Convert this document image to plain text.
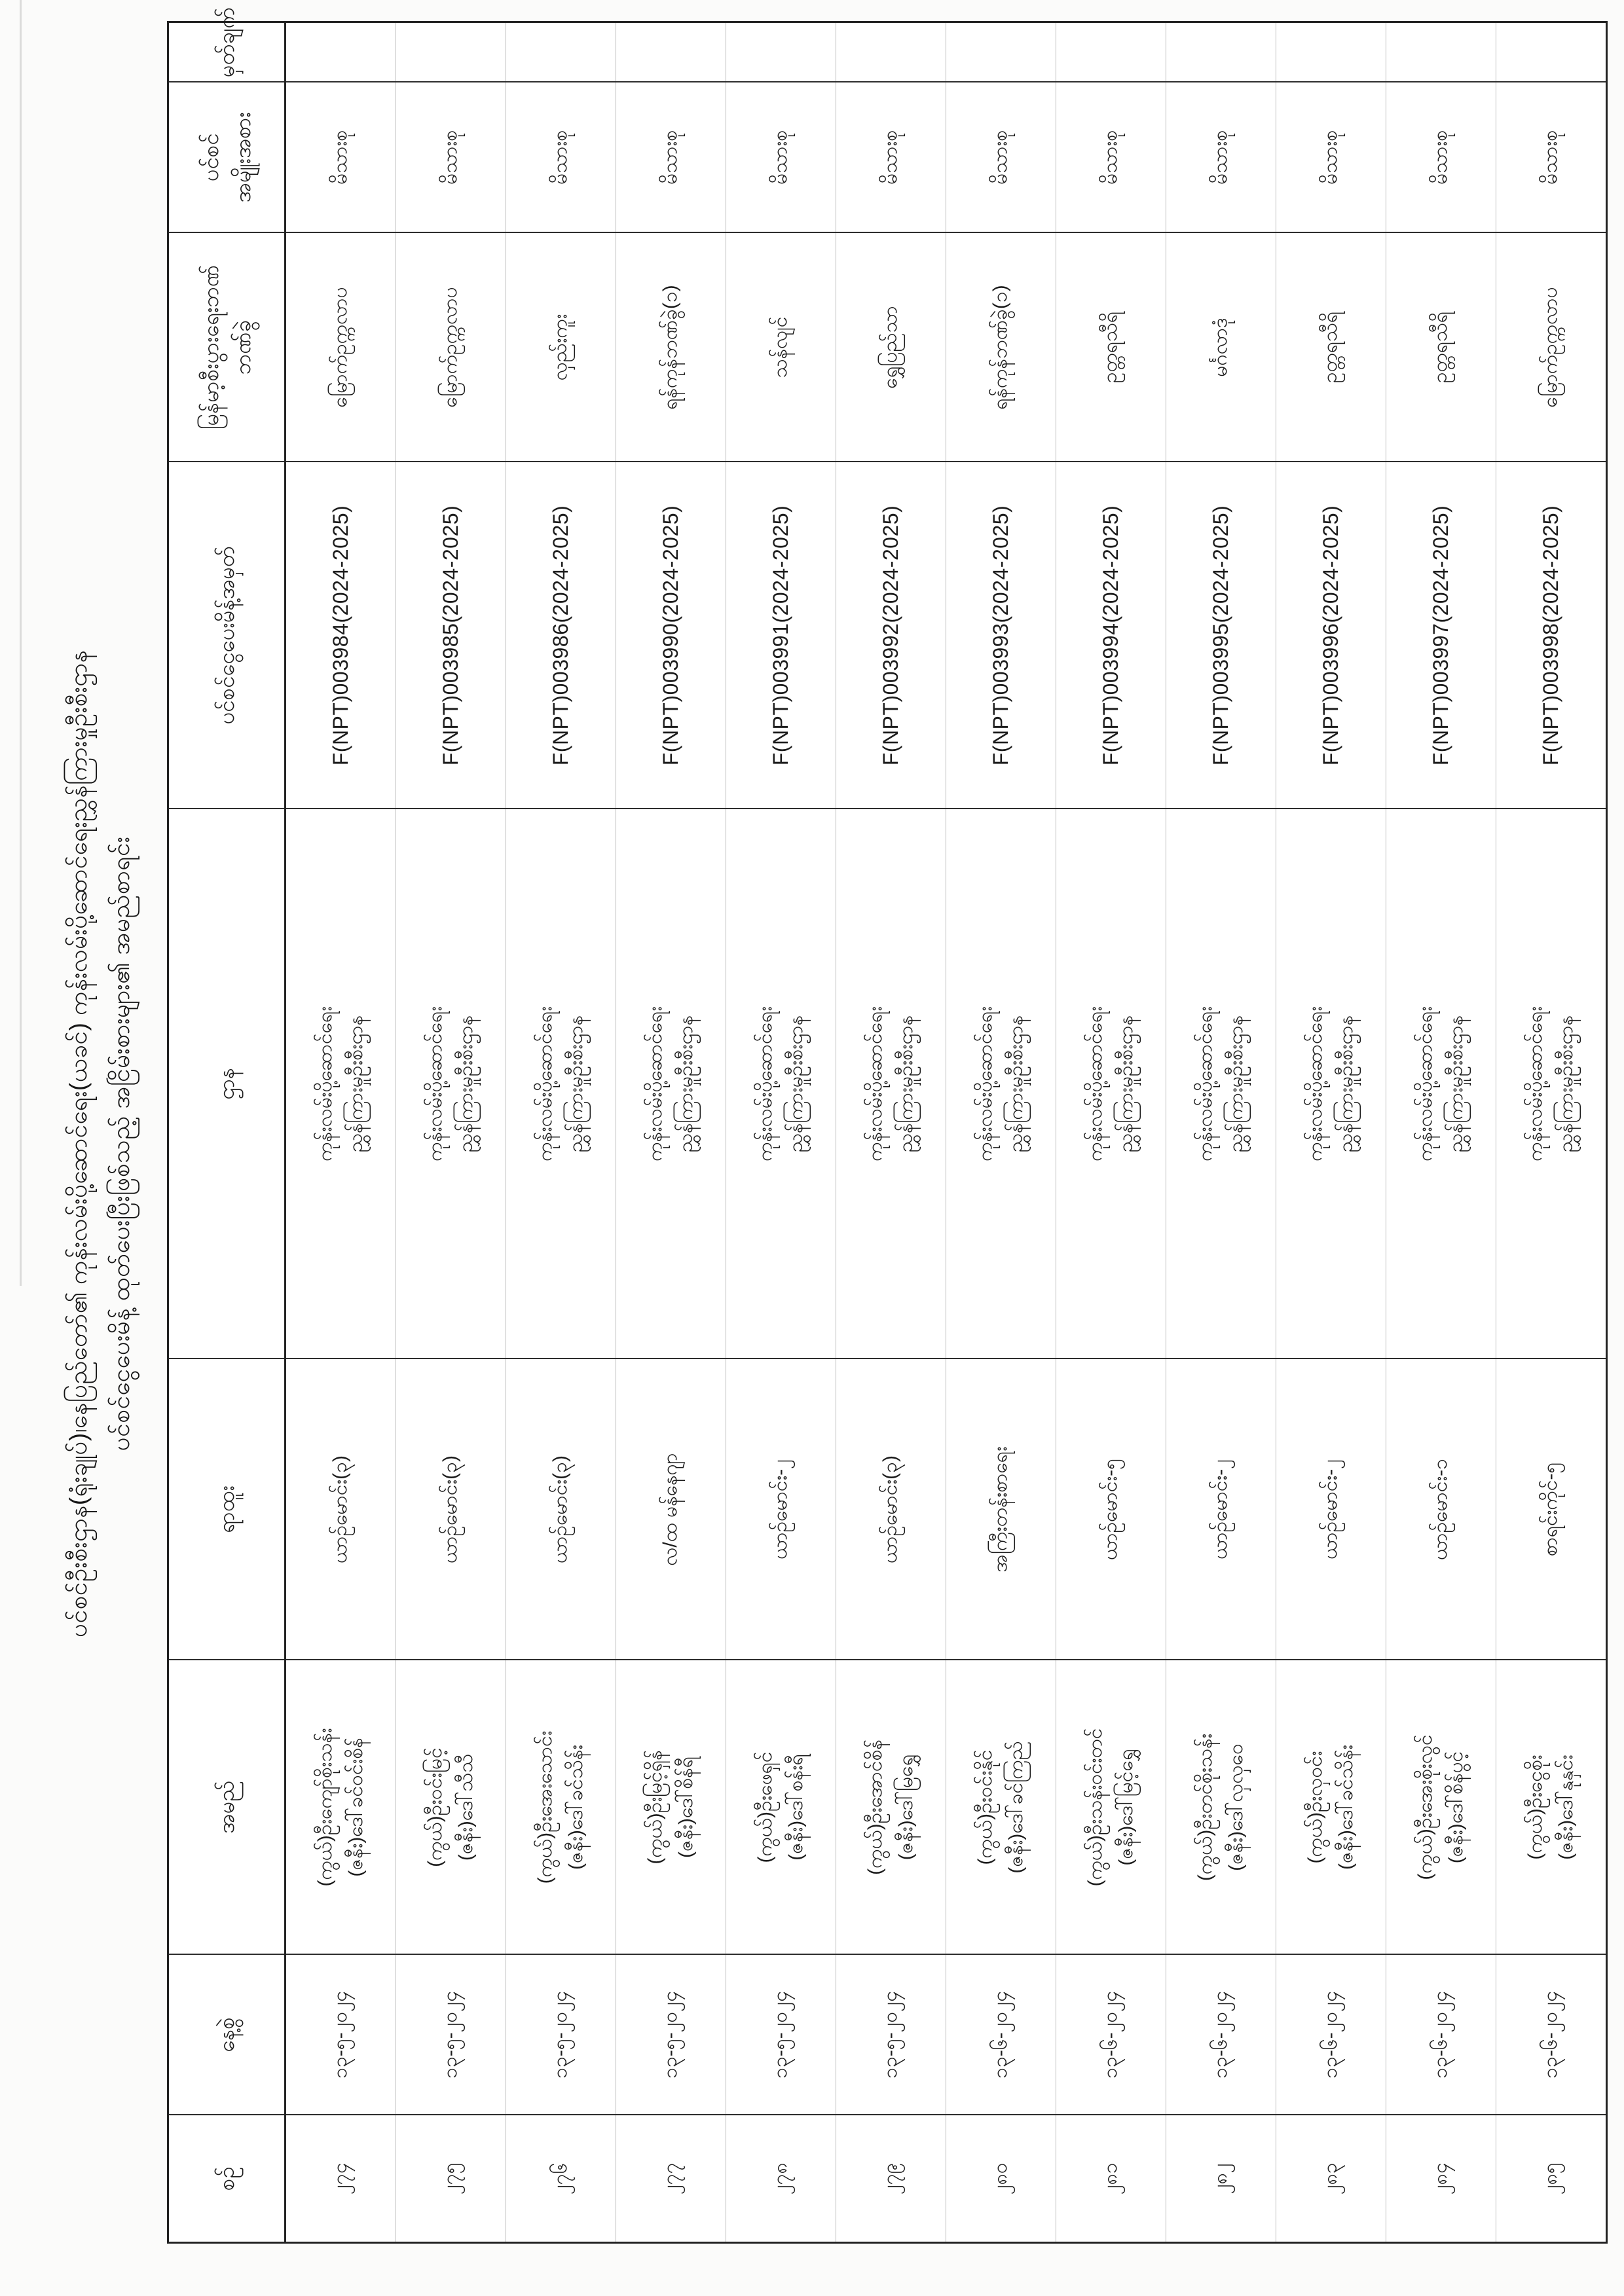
ပင်စင်ဦးစီးဌာန(ရုံးချုပ်)၊နေပြည်တော်၏ ကုန်းလမ်းပို့ဆောင်ရေး(ယခင်) ကုန်းလမ်းပို့ဆောင်ရေးညွှန်ကြားမှုဦးစီးဌာန ပင်စင်ငွေပေးမိန့် ထုတ်ပေးပြီးဖြစ်သည့် အငြိမ်းစားများ၏ အမည်စာရင်း
စဉ်	နေ့စွဲ	အမည်	ရာထူး	ဌာန	ပင်စင်ငွေပေးမိန့်အမှတ်	မြန်မာ့စီးပွားရေးဘဏ် ဘဏ်ခွဲ	ပင်စင် အမျိုးအစား	မှတ်ချက်
၂၇၄	၁၃-၅-၂၀၂၄	(ကွယ်)ဦးကျော်စိုးသန်း (ဇနီး)ဒေါ်ခင်ဝင်းစိန်	ယာဉ်မောင်း(၃)	ကုန်းလမ်းပို့ဆောင်ရေး ညွှန်ကြားမှုဦးစီးဌာန	F(NPT)003984(2024-2025)	မြောက်ဥက္ကလာပ	မိသားစု	
၂၇၅	၁၃-၅-၂၀၂၄	(ကွယ်)ဦးဝင်းမြင့် (ဇနီး)ဒေါ်သီသီ	ယာဉ်မောင်း(၃)	ကုန်းလမ်းပို့ဆောင်ရေး ညွှန်ကြားမှုဦးစီးဌာန	F(NPT)003985(2024-2025)	မြောက်ဥက္ကလာပ	မိသားစု	
၂၇၆	၁၃-၅-၂၀၂၄	(ကွယ်)ဦးအေးသောင်း (ဇနီး)ဒေါ်ခင်သိန်း	ယာဉ်မောင်း(၃)	ကုန်းလမ်းပို့ဆောင်ရေး ညွှန်ကြားမှုဦးစီးဌာန	F(NPT)003986(2024-2025)	လှည်းကူး	မိသားစု	
၂၇၇	၁၃-၅-၂၀၂၄	(ကွယ်)ဦးမြင့်ရှိန် (ဇနီး)ဒေါ်စိန်ရီ	လ/ထ မန်နေဂျာ	ကုန်းလမ်းပို့ဆောင်ရေး ညွှန်ကြားမှုဦးစီးဌာန	F(NPT)003990(2024-2025)	ရန်ကုန်ဘဏ်ခွဲ(၁)	မိသားစု	
၂၇၈	၁၃-၅-၂၀၂၄	(ကွယ်)ဦးဖေရှင် (ဇနီး)ဒေါ်စန်းရီ	ယာဉ်မောင်း-၂	ကုန်းလမ်းပို့ဆောင်ရေး ညွှန်ကြားမှုဦးစီးဌာန	F(NPT)003991(2024-2025)	သန်လျင်	မိသားစု	
၂၇၉	၁၃-၅-၂၀၂၄	(ကွယ်)ဦးအောင်စိန် (ဇနီး)ဒေါ်မြရွှေ	ယာဉ်မောင်း(၃)	ကုန်းလမ်းပို့ဆောင်ရေး ညွှန်ကြားမှုဦးစီးဌာန	F(NPT)003992(2024-2025)	ရွှေပြည်သာ	မိသားစု	
၂၈၀	၁၃-၆-၂၀၂၄	(ကွယ်)ဦးဝင်းနိုင် (ဇနီး)ဒေါ်ခင်ကြည်	အကြီးတန်းစာရေး	ကုန်းလမ်းပို့ဆောင်ရေး ညွှန်ကြားမှုဦးစီးဌာန	F(NPT)003993(2024-2025)	ရန်ကုန်ဘဏ်ခွဲ(၁)	မိသားစု	
၂၈၁	၁၃-၆-၂၀၂၄	(ကွယ်)ဦးသန်းဝင်းတင် (ဇနီး)ဒေါ်မြင့်ရွှေ	ယာဉ်မောင်း-၅	ကုန်းလမ်းပို့ဆောင်ရေး ညွှန်ကြားမှုဦးစီးဌာန	F(NPT)003994(2024-2025)	ဥတ္တရသီရိ	မိသားစု	
၂၈၂	၁၃-၆-၂၀၂၄	(ကွယ်)ဦးတင်စိုးသန်း (ဇနီး)ဒေါ်လှလှဝေ	ယာဉ်မောင်း-၂	ကုန်းလမ်းပို့ဆောင်ရေး ညွှန်ကြားမှုဦးစီးဌာန	F(NPT)003995(2024-2025)	မင်္ဂလာဒုံ	မိသားစု	
၂၈၃	၁၃-၆-၂၀၂၄	(ကွယ်)ဦးလှဝင်း (ဇနီး)ဒေါ်ခင်သိန်း	ယာဉ်မောင်း-၂	ကုန်းလမ်းပို့ဆောင်ရေး ညွှန်ကြားမှုဦးစီးဌာန	F(NPT)003996(2024-2025)	ဥတ္တရသီရိ	မိသားစု	
၂၈၄	၁၃-၆-၂၀၂၄	(ကွယ်)ဦးအေးစိုးလွင် (ဇနီး)ဒေါ်စိန်ပွင့်	ယာဉ်မောင်း-၁	ကုန်းလမ်းပို့ဆောင်ရေး ညွှန်ကြားမှုဦးစီးဌာန	F(NPT)003997(2024-2025)	ဥတ္တရသီရိ	မိသားစု	
၂၈၅	၁၃-၆-၂၀၂၄	(ကွယ်)ဦးငွေစိုး (ဇနီး)ဒေါ်နုနှင်း	စာရင်းကိုင်-၅	ကုန်းလမ်းပို့ဆောင်ရေး ညွှန်ကြားမှုဦးစီးဌာန	F(NPT)003998(2024-2025)	မြောက်ဥက္ကလာပ	မိသားစု	
